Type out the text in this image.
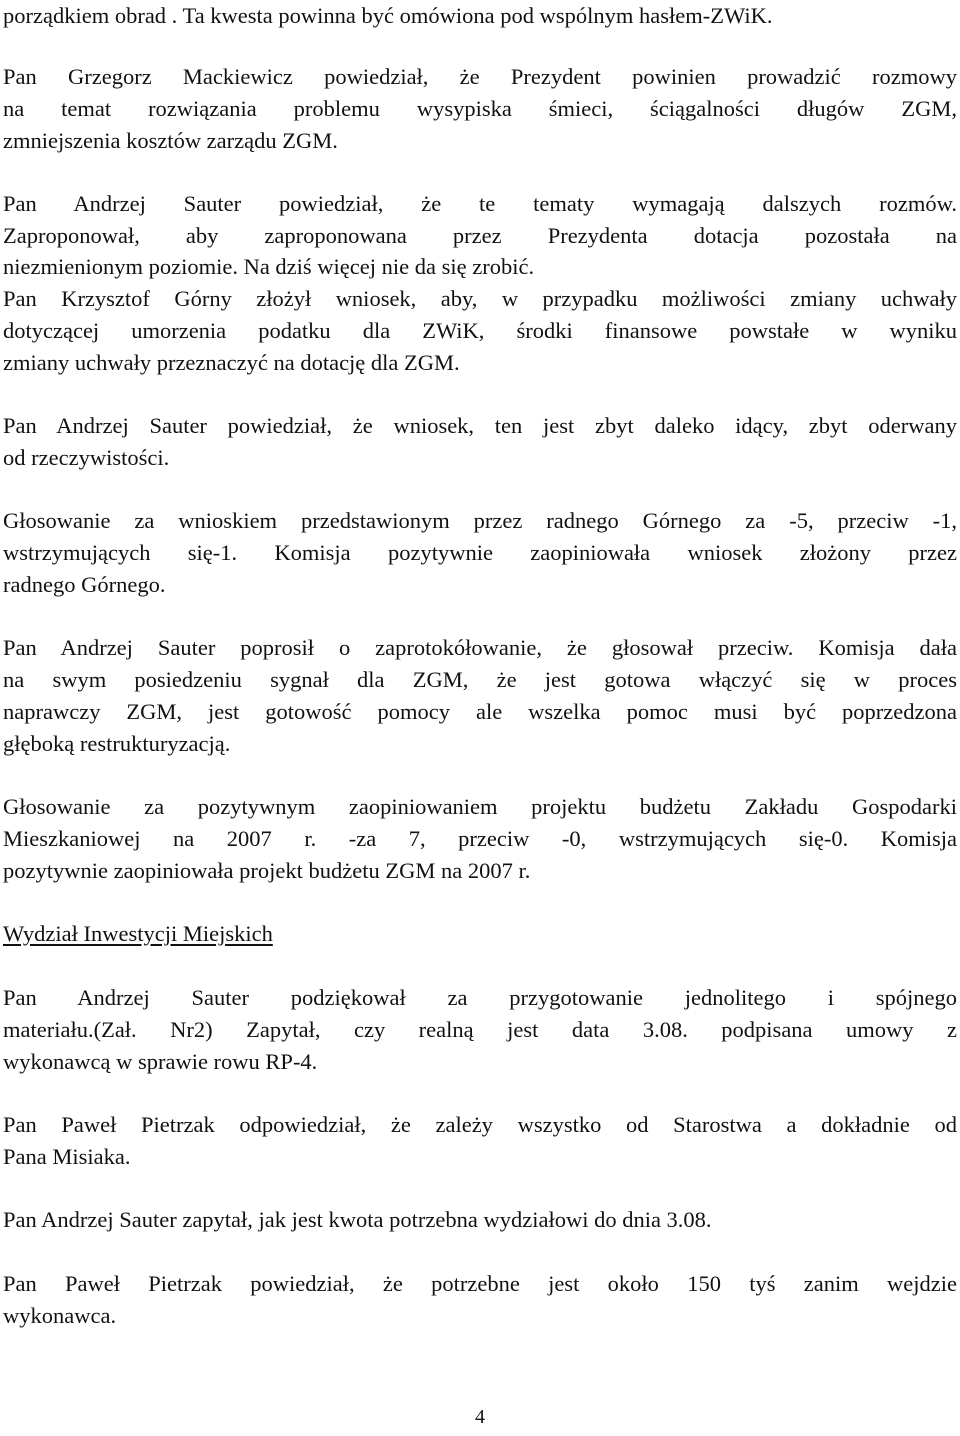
porządkiem obrad . Ta kwesta powinna być omówiona pod wspólnym hasłem-ZWiK.
Pan Grzegorz Mackiewicz powiedział, że Prezydent powinien prowadzić rozmowy
na temat rozwiązania problemu wysypiska śmieci, ściągalności długów ZGM,
zmniejszenia kosztów zarządu ZGM.
Pan Andrzej Sauter powiedział, że te tematy wymagają dalszych rozmów.
Zaproponował, aby zaproponowana przez Prezydenta dotacja pozostała na
niezmienionym poziomie. Na dziś więcej nie da się zrobić.
Pan Krzysztof Górny złożył wniosek, aby, w przypadku możliwości zmiany uchwały
dotyczącej umorzenia podatku dla ZWiK, środki finansowe powstałe w wyniku
zmiany uchwały przeznaczyć na dotację dla ZGM.
Pan Andrzej Sauter powiedział, że wniosek, ten jest zbyt daleko idący, zbyt oderwany
od rzeczywistości.
Głosowanie za wnioskiem przedstawionym przez radnego Górnego za -5, przeciw -1,
wstrzymujących się-1. Komisja pozytywnie zaopiniowała wniosek złożony przez
radnego Górnego.
Pan Andrzej Sauter poprosił o zaprotokółowanie, że głosował przeciw. Komisja dała
na swym posiedzeniu sygnał dla ZGM, że jest gotowa włączyć się w proces
naprawczy ZGM, jest gotowość pomocy ale wszelka pomoc musi być poprzedzona
głęboką restrukturyzacją.
Głosowanie za pozytywnym zaopiniowaniem projektu budżetu Zakładu Gospodarki
Mieszkaniowej na 2007 r. -za 7, przeciw -0, wstrzymujących się-0. Komisja
pozytywnie zaopiniowała projekt budżetu ZGM na 2007 r.
Wydział Inwestycji Miejskich
Pan Andrzej Sauter podziękował za przygotowanie jednolitego i spójnego
materiału.(Zał. Nr2) Zapytał, czy realną jest data 3.08. podpisana umowy z
wykonawcą w sprawie rowu RP-4.
Pan Paweł Pietrzak odpowiedział, że zależy wszystko od Starostwa a dokładnie od
Pana Misiaka.
Pan Andrzej Sauter zapytał, jak jest kwota potrzebna wydziałowi do dnia 3.08.
Pan Paweł Pietrzak powiedział, że potrzebne jest około 150 tyś zanim wejdzie
wykonawca.
4
